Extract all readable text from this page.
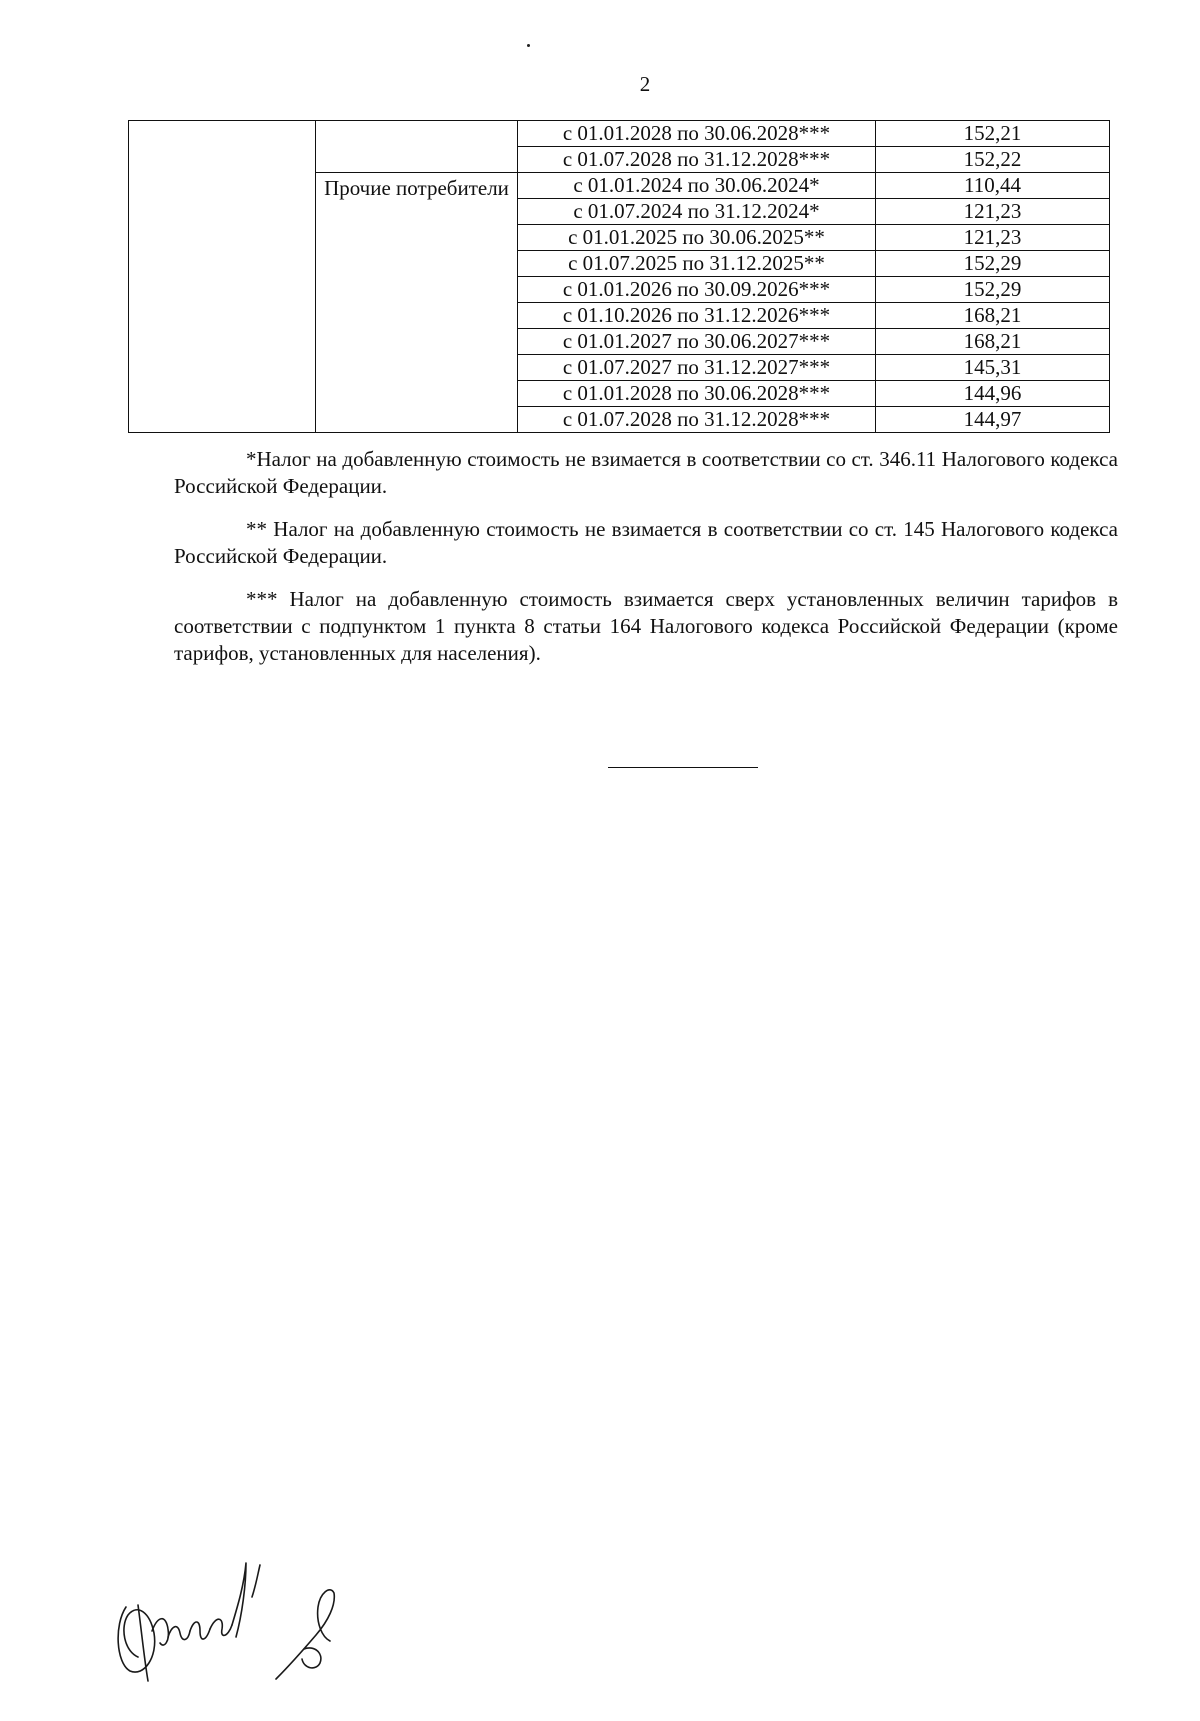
2
		с 01.01.2028 по 30.06.2028***	152,21
		с 01.07.2028 по 31.12.2028***	152,22
	Прочие потребители	с 01.01.2024 по 30.06.2024*	110,44
		с 01.07.2024 по 31.12.2024*	121,23
		с 01.01.2025 по 30.06.2025**	121,23
		с 01.07.2025 по 31.12.2025**	152,29
		с 01.01.2026 по 30.09.2026***	152,29
		с 01.10.2026 по 31.12.2026***	168,21
		с 01.01.2027 по 30.06.2027***	168,21
		с 01.07.2027 по 31.12.2027***	145,31
		с 01.01.2028 по 30.06.2028***	144,96
		с 01.07.2028 по 31.12.2028***	144,97

*Налог на добавленную стоимость не взимается в соответствии со ст. 346.11 Налогового кодекса Российской Федерации.

** Налог на добавленную стоимость не взимается в соответствии со ст. 145 Налогового кодекса Российской Федерации.

*** Налог на добавленную стоимость взимается сверх установленных величин тарифов в соответствии с подпунктом 1 пункта 8 статьи 164 Налогового кодекса Российской Федерации (кроме тарифов, установленных для населения).
